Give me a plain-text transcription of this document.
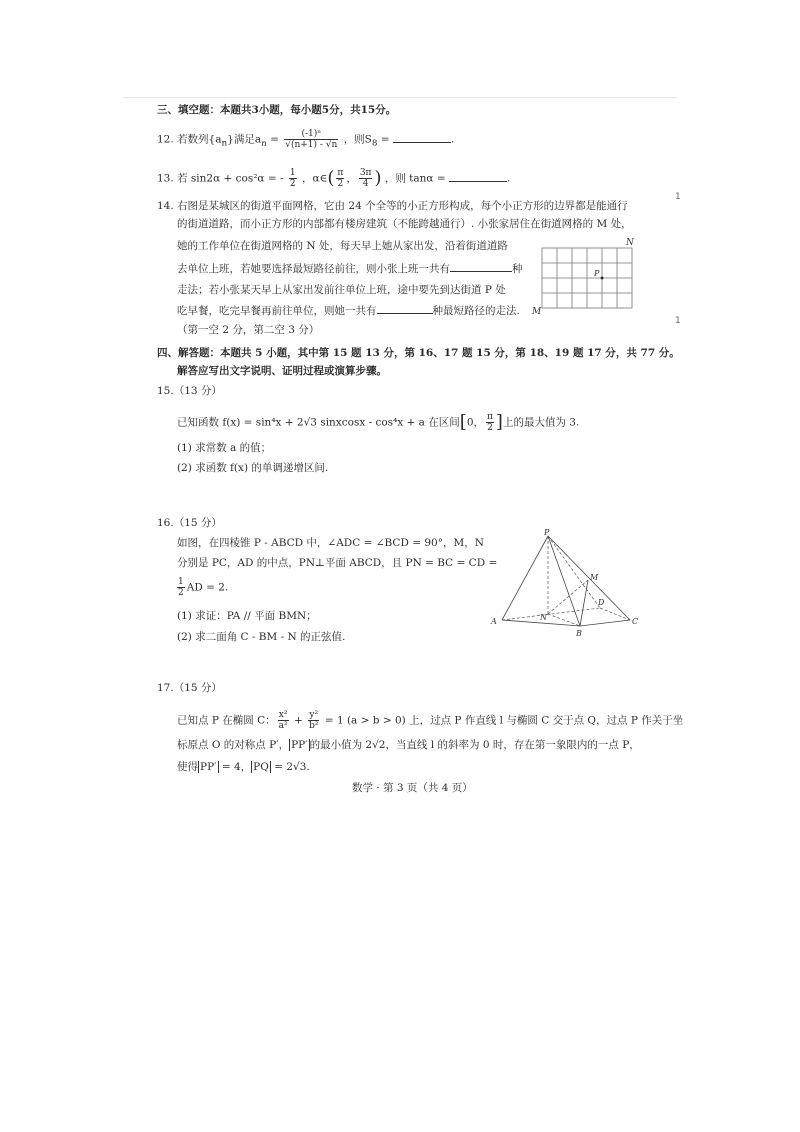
三、填空题：本题共3小题，每小题5分，共15分。
12. 若数列$\{a_n\}$满足$a_n = \frac{\text{(-1)ⁿ}}{√(n+1) - √n}$ ，则$S_8$ =	.
13. 若 sin2α + cos²α = - $\frac{1}{2}$ ，α∈( $\frac{\pi}{2}$ ， $\frac{3\pi}{4}$ ) ，则 tanα =	.
14. 右图是某城区的街道平面网格，它由 24 个全等的小正方形构成，每个小正方形的边界都是能通行
的街道道路，而小正方形的内部都有楼房建筑（不能跨越通行）. 小张家居住在街道网格的 M 处，
她的工作单位在街道网格的 N 处，每天早上她从家出发，沿着街道道路
去单位上班，若她要选择最短路径前往，则小张上班一共有	种
走法；若小张某天早上从家出发前往单位上班，途中要先到达街道 P 处
吃早餐，吃完早餐再前往单位，则她一共有	种最短路径的走法.
（第一空 2 分，第二空 3 分）
N
M
P
四、解答题：本题共 5 小题，其中第 15 题 13 分，第 16、17 题 15 分，第 18、19 题 17 分，共 77 分。
解答应写出文字说明、证明过程或演算步骤。
15.（13 分）
已知函数 f(x) = sin⁴x + 2√3 sinxcosx - cos⁴x + a 在区间[0， $\frac{\pi}{2}$ ]上的最大值为 3.
(1) 求常数 a 的值；
(2) 求函数 f(x) 的单调递增区间.
16.（15 分）
如图，在四棱锥 P - ABCD 中，∠ADC = ∠BCD = 90°，M，N
分别是 PC，AD 的中点，PN⊥平面 ABCD，且 PN = BC = CD =
$\frac{1}{2}$ AD = 2.
(1) 求证：PA // 平面 BMN；
(2) 求二面角 C - BM - N 的正弦值.
P
A
B
C
D
M
N
17.（15 分）
已知点 P 在椭圆 C： $\frac{\text{x²}}{\text{a²}} + \frac{\text{y²}}{\text{b²}} = 1$ (a > b > 0) 上，过点 P 作直线 l 与椭圆 C 交于点 Q，过点 P 作关于坐
标原点 O 的对称点 P′， PP′ 的最小值为 2√2，当直线 l 的斜率为 0 时，存在第一象限内的一点 P，
使得 PP′ = 4， PQ = 2√3.
数学 · 第 3 页（共 4 页）
1
1
